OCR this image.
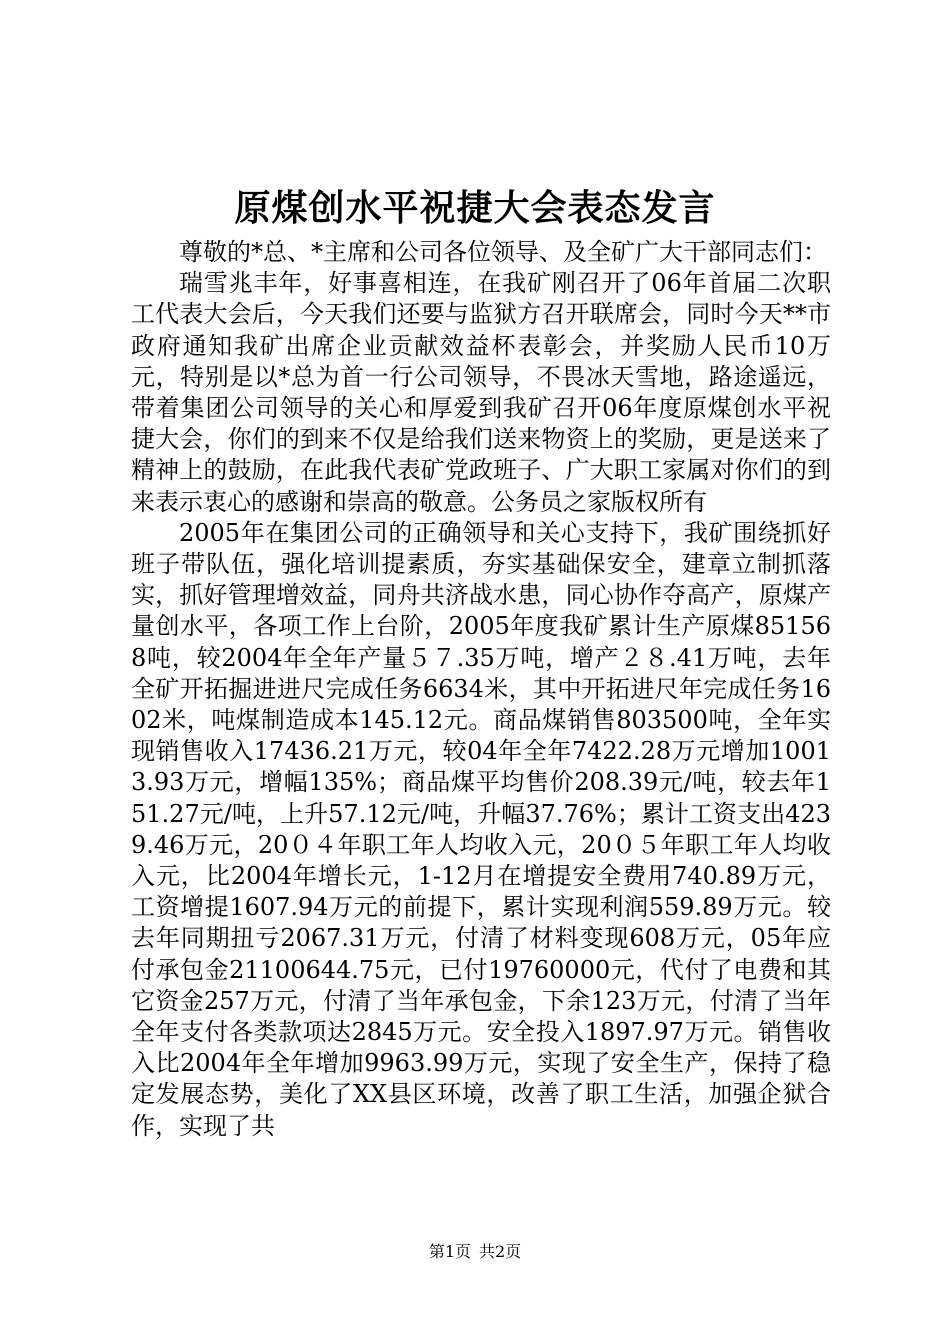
原煤创水平祝捷大会表态发言

尊敬的*总、*主席和公司各位领导、及全矿广大干部同志们：

瑞雪兆丰年，好事喜相连，在我矿刚召开了06年首届二次职工代表大会后，今天我们还要与监狱方召开联席会，同时今天**市政府通知我矿出席企业贡献效益杯表彰会，并奖励人民币10万元，特别是以*总为首一行公司领导，不畏冰天雪地，路途遥远，带着集团公司领导的关心和厚爱到我矿召开06年度原煤创水平祝捷大会，你们的到来不仅是给我们送来物资上的奖励，更是送来了精神上的鼓励，在此我代表矿党政班子、广大职工家属对你们的到来表示衷心的感谢和崇高的敬意。公务员之家版权所有

2005年在集团公司的正确领导和关心支持下，我矿围绕抓好班子带队伍，强化培训提素质，夯实基础保安全，建章立制抓落实，抓好管理增效益，同舟共济战水患，同心协作夺高产，原煤产量创水平，各项工作上台阶，2005年度我矿累计生产原煤851568吨，较2004年全年产量５７.35万吨，增产２８.41万吨，去年全矿开拓掘进进尺完成任务6634米，其中开拓进尺年完成任务1602米，吨煤制造成本145.12元。商品煤销售803500吨，全年实现销售收入17436.21万元，较04年全年7422.28万元增加10013.93万元，增幅135%；商品煤平均售价208.39元/吨，较去年151.27元/吨，上升57.12元/吨，升幅37.76%；累计工资支出4239.46万元，20０４年职工年人均收入元，20０５年职工年人均收入元，比2004年增长元，1-12月在增提安全费用740.89万元，工资增提1607.94万元的前提下，累计实现利润559.89万元。较去年同期扭亏2067.31万元，付清了材料变现608万元，05年应付承包金21100644.75元，已付19760000元，代付了电费和其它资金257万元，付清了当年承包金，下余123万元，付清了当年全年支付各类款项达2845万元。安全投入1897.97万元。销售收入比2004年全年增加9963.99万元，实现了安全生产，保持了稳定发展态势，美化了XX县区环境，改善了职工生活，加强企狱合作，实现了共

第1页 共2页
